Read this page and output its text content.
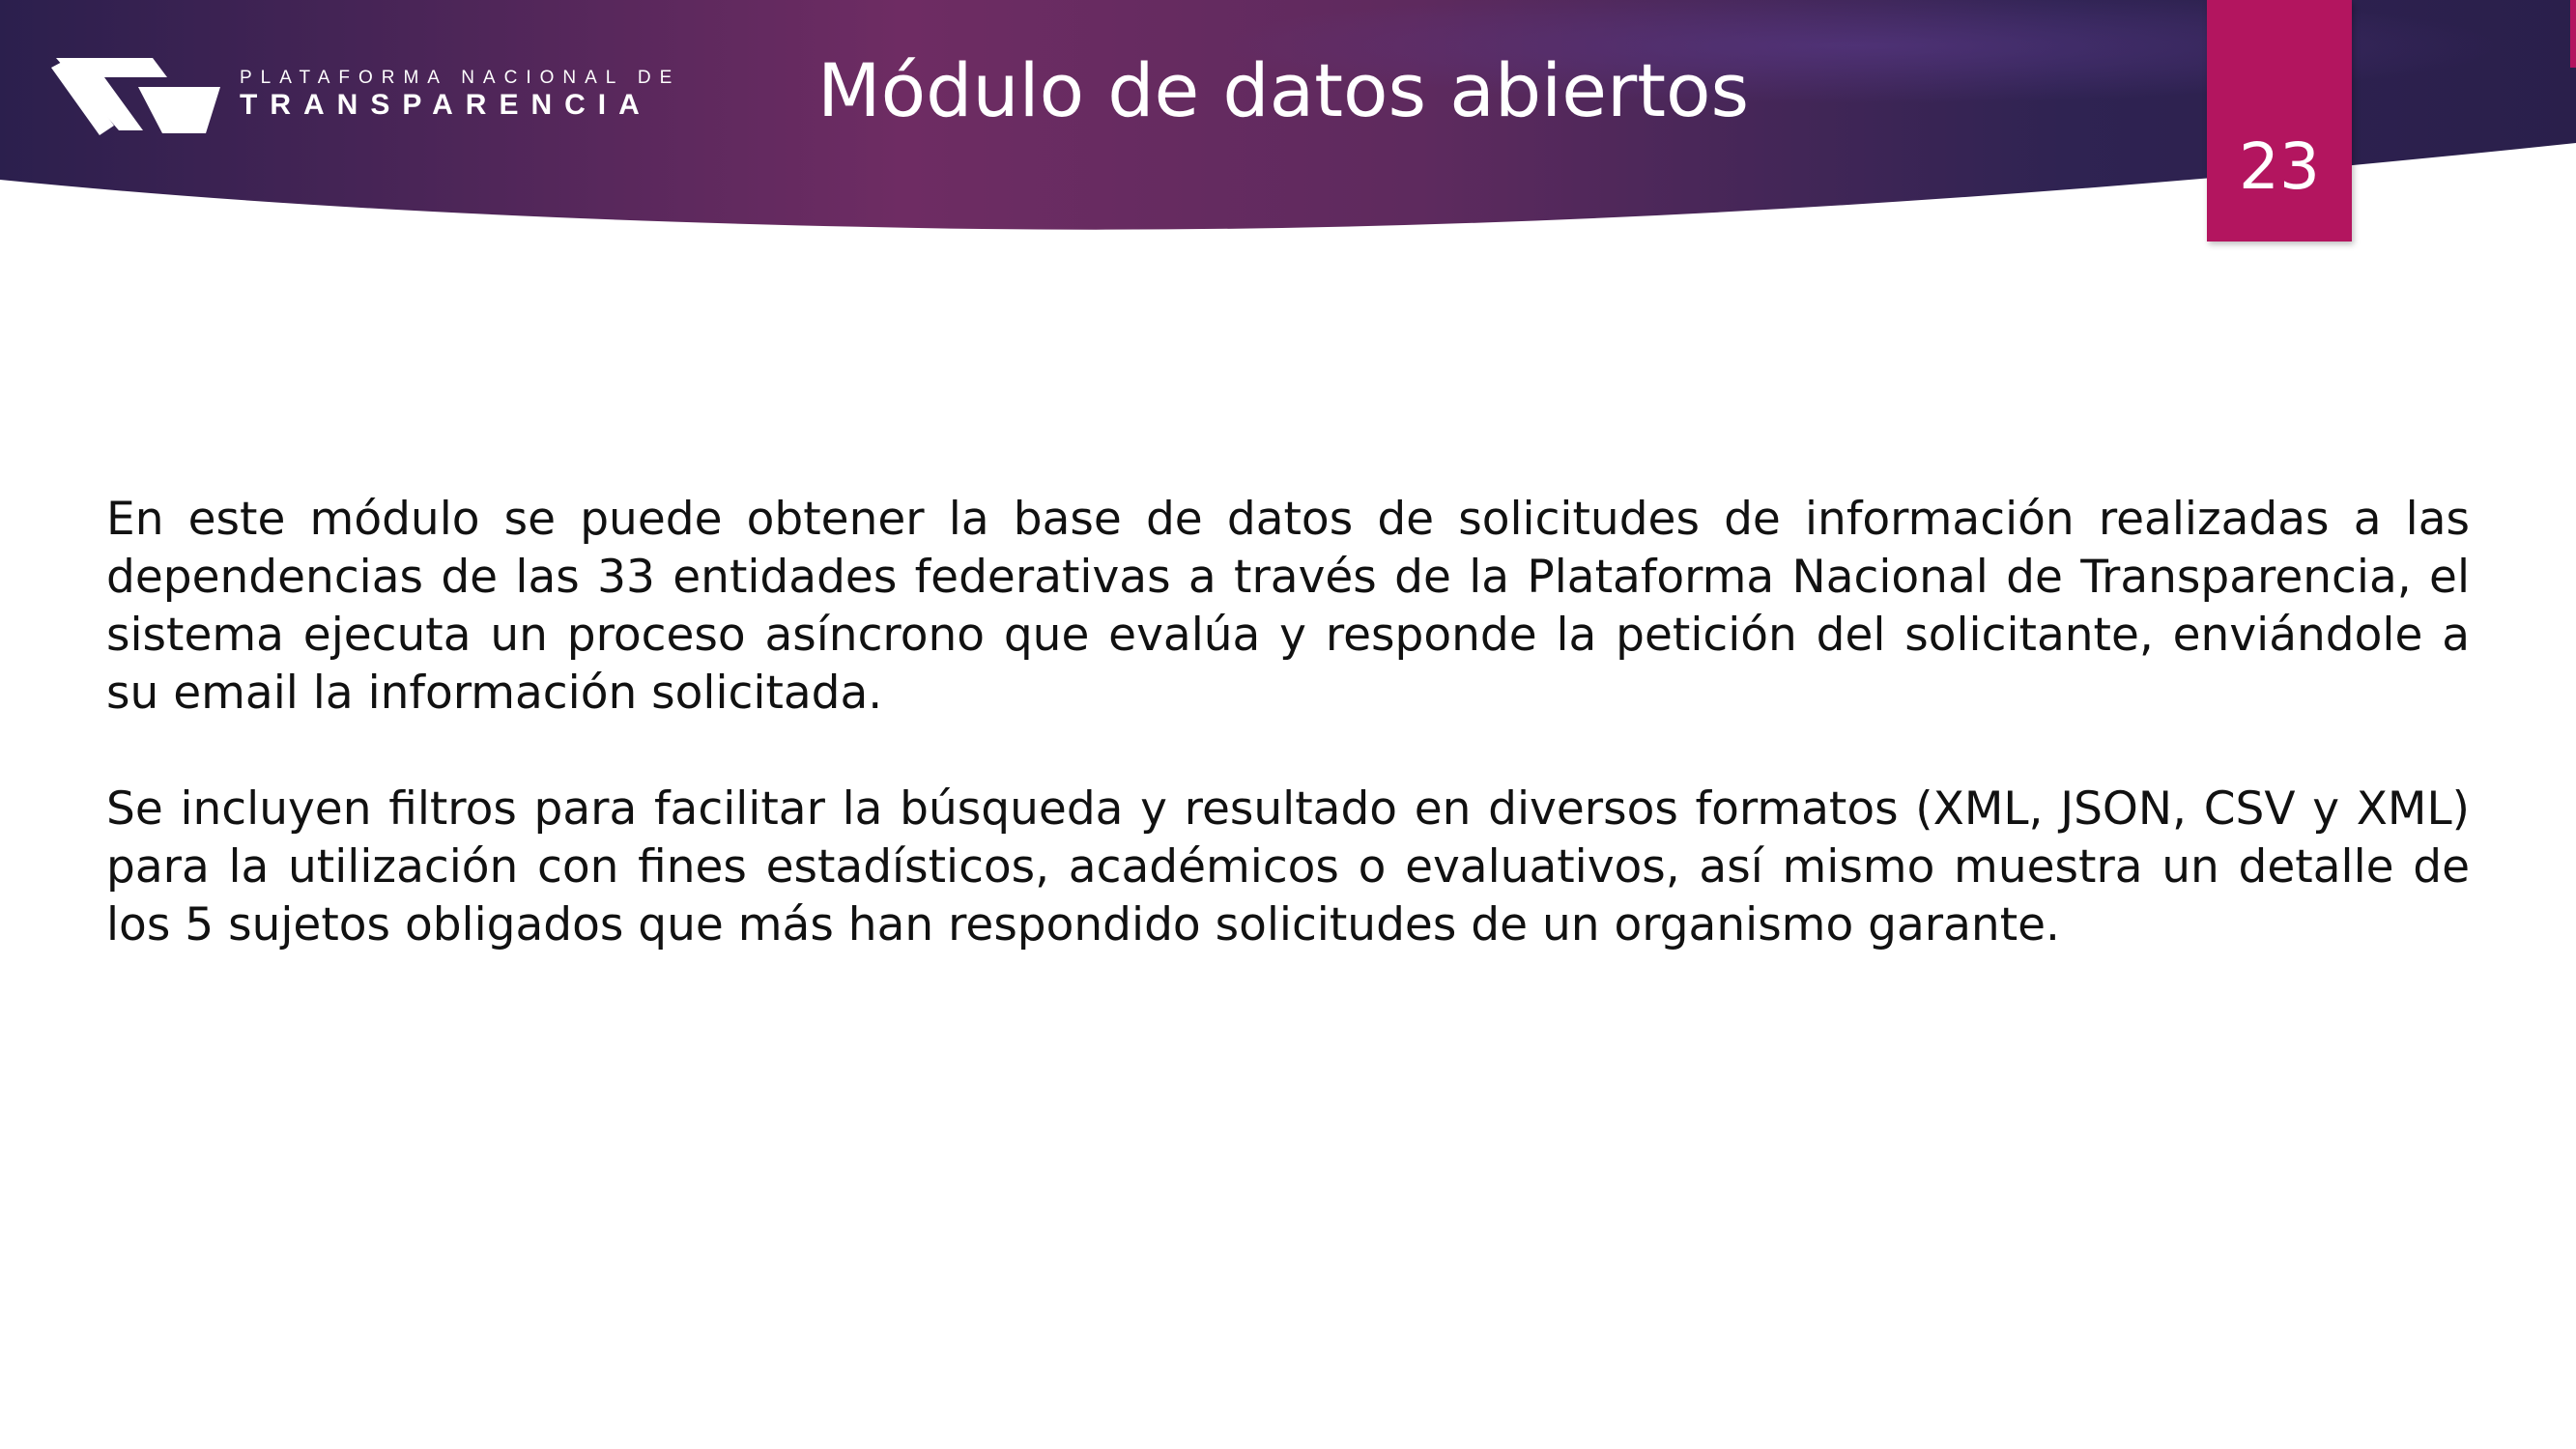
PLATAFORMA NACIONAL DE
TRANSPARENCIA Módulo de datos abiertos
23

En este módulo se puede obtener la base de datos de solicitudes de información realizadas a las dependencias de las 33 entidades federativas a través de la Plataforma Nacional de Transparencia, el sistema ejecuta un proceso asíncrono que evalúa y responde la petición del solicitante, enviándole a su email la información solicitada.

Se incluyen filtros para facilitar la búsqueda y resultado en diversos formatos (XML, JSON, CSV y XML) para la utilización con fines estadísticos, académicos o evaluativos, así mismo muestra un detalle de los 5 sujetos obligados que más han respondido solicitudes de un organismo garante.
